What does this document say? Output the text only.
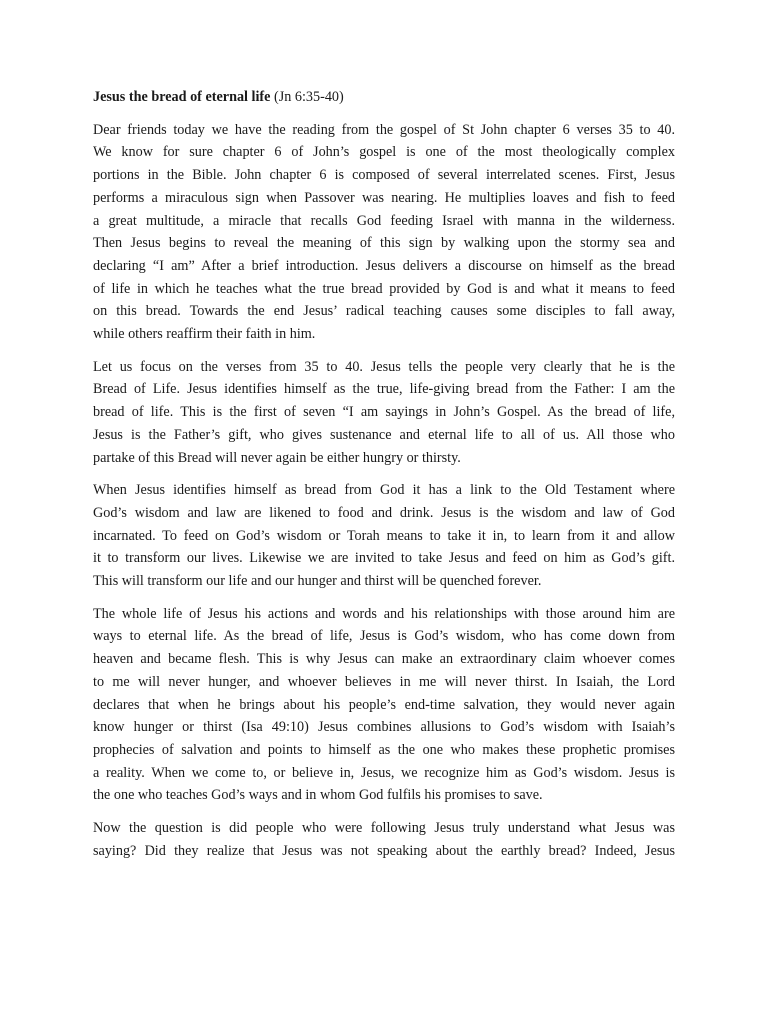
Jesus the bread of eternal life (Jn 6:35-40)

Dear friends today we have the reading from the gospel of St John chapter 6 verses 35 to 40.
We know for sure chapter 6 of John’s gospel is one of the most theologically complex
portions in the Bible. John chapter 6 is composed of several interrelated scenes. First, Jesus
performs a miraculous sign when Passover was nearing. He multiplies loaves and fish to feed
a great multitude, a miracle that recalls God feeding Israel with manna in the wilderness.
Then Jesus begins to reveal the meaning of this sign by walking upon the stormy sea and
declaring “I am” After a brief introduction. Jesus delivers a discourse on himself as the bread
of life in which he teaches what the true bread provided by God is and what it means to feed
on this bread. Towards the end Jesus’ radical teaching causes some disciples to fall away,
while others reaffirm their faith in him.

Let us focus on the verses from 35 to 40. Jesus tells the people very clearly that he is the
Bread of Life. Jesus identifies himself as the true, life-giving bread from the Father: I am the
bread of life. This is the first of seven “I am sayings in John’s Gospel. As the bread of life,
Jesus is the Father’s gift, who gives sustenance and eternal life to all of us. All those who
partake of this Bread will never again be either hungry or thirsty.

When Jesus identifies himself as bread from God it has a link to the Old Testament where
God’s wisdom and law are likened to food and drink. Jesus is the wisdom and law of God
incarnated. To feed on God’s wisdom or Torah means to take it in, to learn from it and allow
it to transform our lives. Likewise we are invited to take Jesus and feed on him as God’s gift.
This will transform our life and our hunger and thirst will be quenched forever.

The whole life of Jesus his actions and words and his relationships with those around him are
ways to eternal life. As the bread of life, Jesus is God’s wisdom, who has come down from
heaven and became flesh. This is why Jesus can make an extraordinary claim whoever comes
to me will never hunger, and whoever believes in me will never thirst. In Isaiah, the Lord
declares that when he brings about his people’s end-time salvation, they would never again
know hunger or thirst (Isa 49:10) Jesus combines allusions to God’s wisdom with Isaiah’s
prophecies of salvation and points to himself as the one who makes these prophetic promises
a reality. When we come to, or believe in, Jesus, we recognize him as God’s wisdom. Jesus is
the one who teaches God’s ways and in whom God fulfils his promises to save.

Now the question is did people who were following Jesus truly understand what Jesus was
saying? Did they realize that Jesus was not speaking about the earthly bread? Indeed, Jesus
